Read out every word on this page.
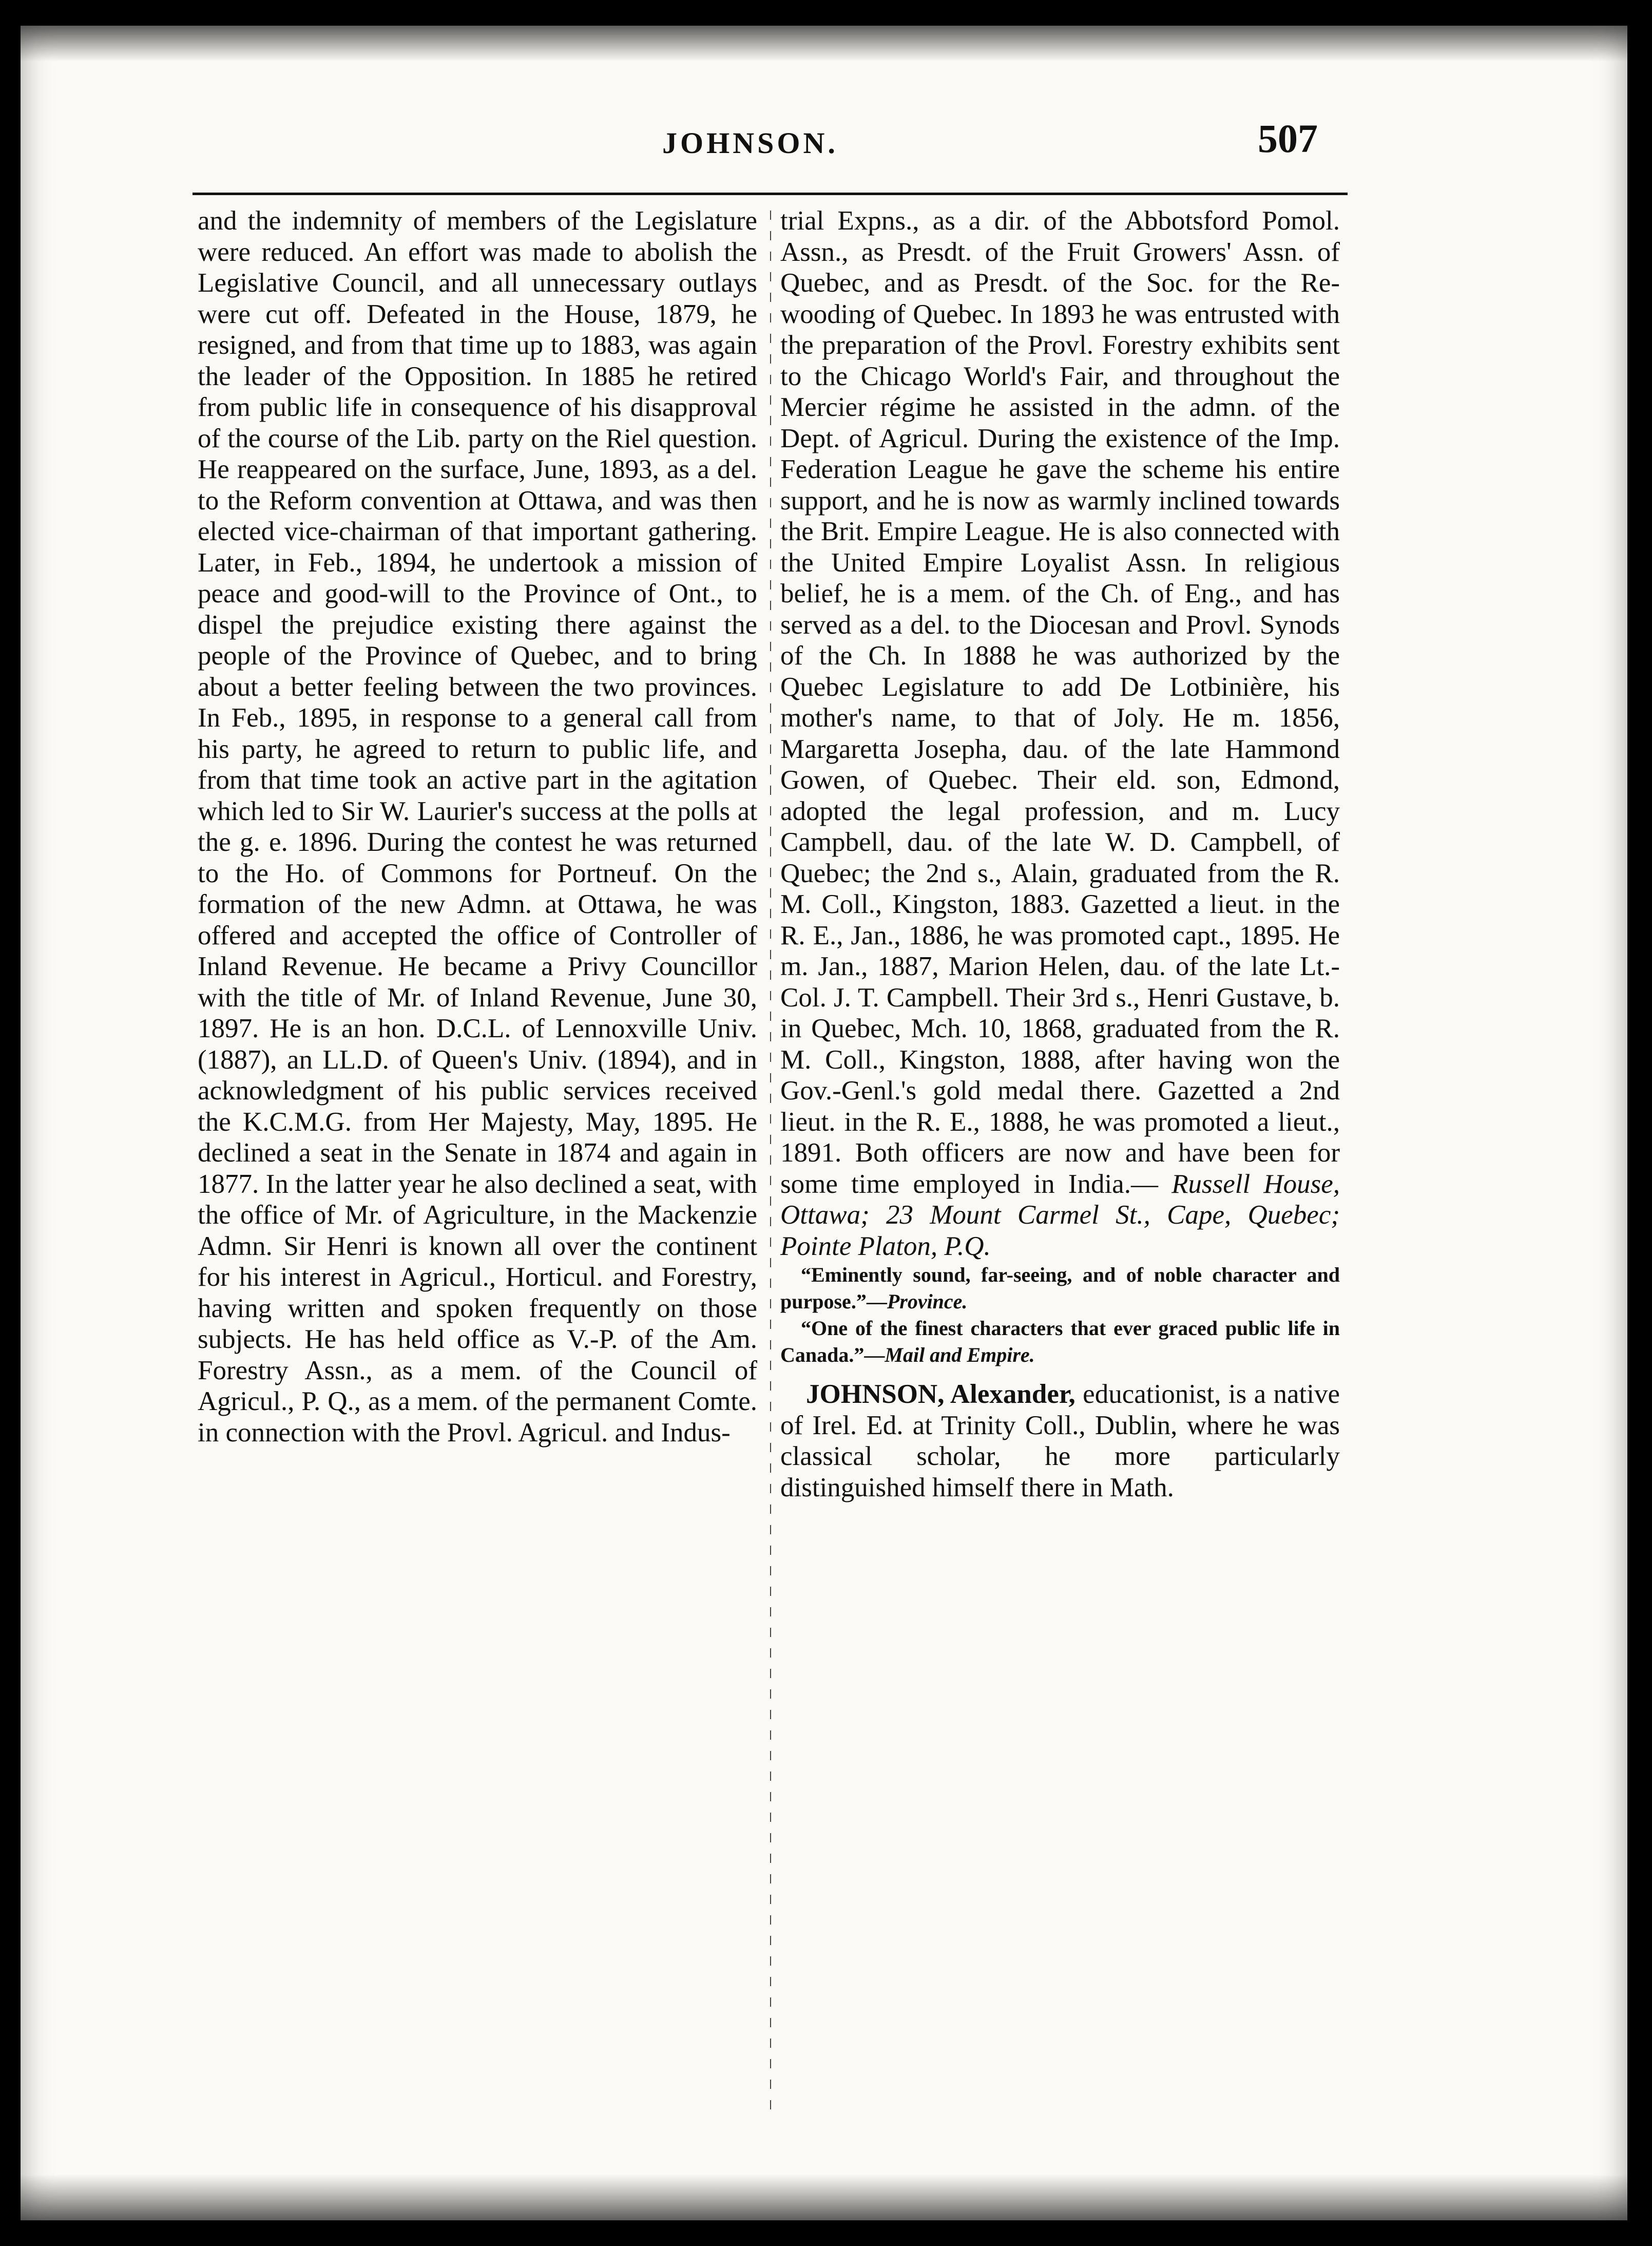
JOHNSON.	507

and the indemnity of members of the Legislature were reduced. An effort was made to abolish the Legislative Council, and all unnecessary outlays were cut off. Defeated in the House, 1879, he resigned, and from that time up to 1883, was again the leader of the Opposition. In 1885 he retired from public life in consequence of his disapproval of the course of the Lib. party on the Riel question. He reappeared on the surface, June, 1893, as a del. to the Reform convention at Ottawa, and was then elected vice-chairman of that important gathering. Later, in Feb., 1894, he undertook a mission of peace and good-will to the Province of Ont., to dispel the prejudice existing there against the people of the Province of Quebec, and to bring about a better feeling between the two provinces. In Feb., 1895, in response to a general call from his party, he agreed to return to public life, and from that time took an active part in the agitation which led to Sir W. Laurier's success at the polls at the g. e. 1896. During the contest he was returned to the Ho. of Commons for Portneuf. On the formation of the new Admn. at Ottawa, he was offered and accepted the office of Controller of Inland Revenue. He became a Privy Councillor with the title of Mr. of Inland Revenue, June 30, 1897. He is an hon. D.C.L. of Lennoxville Univ. (1887), an LL.D. of Queen's Univ. (1894), and in acknowledgment of his public services received the K.C.M.G. from Her Majesty, May, 1895. He declined a seat in the Senate in 1874 and again in 1877. In the latter year he also declined a seat, with the office of Mr. of Agriculture, in the Mackenzie Admn. Sir Henri is known all over the continent for his interest in Agricul., Horticul. and Forestry, having written and spoken frequently on those subjects. He has held office as V.-P. of the Am. Forestry Assn., as a mem. of the Council of Agricul., P. Q., as a mem. of the permanent Comte. in connection with the Provl. Agricul. and Indus-

trial Expns., as a dir. of the Abbotsford Pomol. Assn., as Presdt. of the Fruit Growers' Assn. of Quebec, and as Presdt. of the Soc. for the Re-wooding of Quebec. In 1893 he was entrusted with the preparation of the Provl. Forestry exhibits sent to the Chicago World's Fair, and throughout the Mercier régime he assisted in the admn. of the Dept. of Agricul. During the existence of the Imp. Federation League he gave the scheme his entire support, and he is now as warmly inclined towards the Brit. Empire League. He is also connected with the United Empire Loyalist Assn. In religious belief, he is a mem. of the Ch. of Eng., and has served as a del. to the Diocesan and Provl. Synods of the Ch. In 1888 he was authorized by the Quebec Legislature to add De Lotbinière, his mother's name, to that of Joly. He m. 1856, Margaretta Josepha, dau. of the late Hammond Gowen, of Quebec. Their eld. son, Edmond, adopted the legal profession, and m. Lucy Campbell, dau. of the late W. D. Campbell, of Quebec; the 2nd s., Alain, graduated from the R. M. Coll., Kingston, 1883. Gazetted a lieut. in the R. E., Jan., 1886, he was promoted capt., 1895. He m. Jan., 1887, Marion Helen, dau. of the late Lt.-Col. J. T. Campbell. Their 3rd s., Henri Gustave, b. in Quebec, Mch. 10, 1868, graduated from the R. M. Coll., Kingston, 1888, after having won the Gov.-Genl.'s gold medal there. Gazetted a 2nd lieut. in the R. E., 1888, he was promoted a lieut., 1891. Both officers are now and have been for some time employed in India.— Russell House, Ottawa; 23 Mount Carmel St., Cape, Quebec; Pointe Platon, P.Q.

“Eminently sound, far-seeing, and of noble character and purpose.”—Province.

“One of the finest characters that ever graced public life in Canada.”—Mail and Empire.

JOHNSON, Alexander, educationist, is a native of Irel. Ed. at Trinity Coll., Dublin, where he was classical scholar, he more particularly distinguished himself there in Math.
